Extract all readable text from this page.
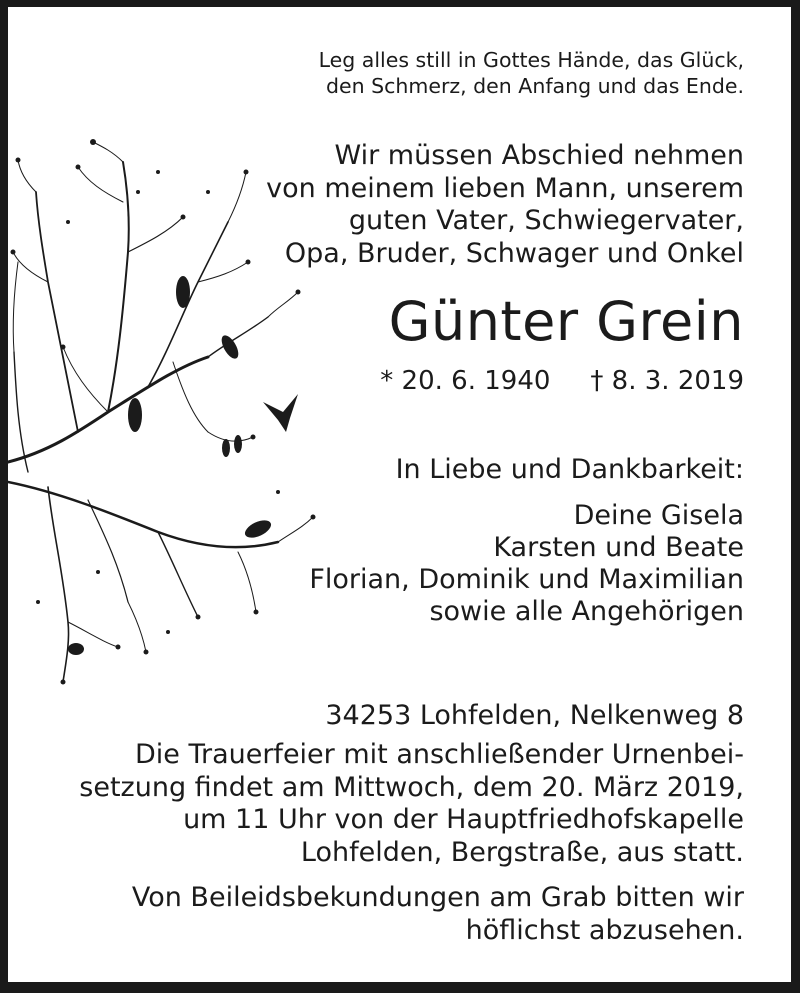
Leg alles still in Gottes Hände, das Glück,
den Schmerz, den Anfang und das Ende.
Wir müssen Abschied nehmen
von meinem lieben Mann, unserem
guten Vater, Schwiegervater,
Opa, Bruder, Schwager und Onkel
Günter Grein
* 20. 6. 1940 † 8. 3. 2019
In Liebe und Dankbarkeit:
Deine Gisela
Karsten und Beate
Florian, Dominik und Maximilian
sowie alle Angehörigen
34253 Lohfelden, Nelkenweg 8
Die Trauerfeier mit anschließender Urnenbei-
setzung findet am Mittwoch, dem 20. März 2019,
um 11 Uhr von der Hauptfriedhofskapelle
Lohfelden, Bergstraße, aus statt.
Von Beileidsbekundungen am Grab bitten wir
höflichst abzusehen.
